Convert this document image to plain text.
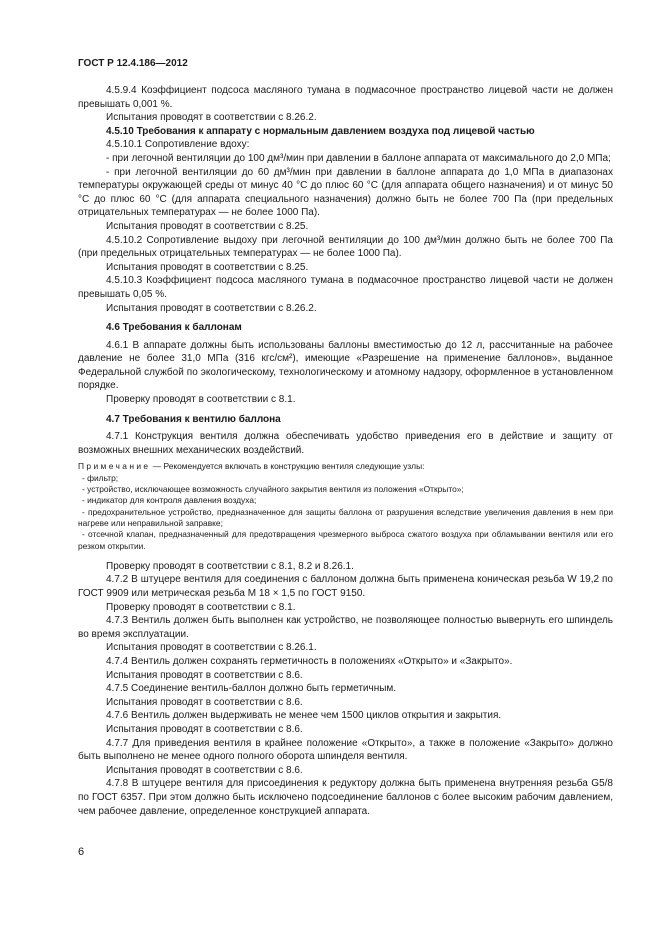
ГОСТ Р 12.4.186—2012

4.5.9.4 Коэффициент подсоса масляного тумана в подмасочное пространство лицевой части не должен превышать 0,001 %.

Испытания проводят в соответствии с 8.26.2.

4.5.10 Требования к аппарату с нормальным давлением воздуха под лицевой частью

4.5.10.1 Сопротивление вдоху:

- при легочной вентиляции до 100 дм³/мин при давлении в баллоне аппарата от максимального до 2,0 МПа;

- при легочной вентиляции до 60 дм³/мин при давлении в баллоне аппарата до 1,0 МПа в диапазонах температуры окружающей среды от минус 40 °С до плюс 60 °С (для аппарата общего назначения) и от минус 50 °С до плюс 60 °С (для аппарата специального назначения) должно быть не более 700 Па (при предельных отрицательных температурах — не более 1000 Па).

Испытания проводят в соответствии с 8.25.

4.5.10.2 Сопротивление выдоху при легочной вентиляции до 100 дм³/мин должно быть не более 700 Па (при предельных отрицательных температурах — не более 1000 Па).

Испытания проводят в соответствии с 8.25.

4.5.10.3 Коэффициент подсоса масляного тумана в подмасочное пространство лицевой части не должен превышать 0,05 %.

Испытания проводят в соответствии с 8.26.2.

4.6 Требования к баллонам

4.6.1 В аппарате должны быть использованы баллоны вместимостью до 12 л, рассчитанные на рабочее давление не более 31,0 МПа (316 кгс/см²), имеющие «Разрешение на применение баллонов», выданное Федеральной службой по экологическому, технологическому и атомному надзору, оформленное в установленном порядке.

Проверку проводят в соответствии с 8.1.

4.7 Требования к вентилю баллона

4.7.1 Конструкция вентиля должна обеспечивать удобство приведения его в действие и защиту от возможных внешних механических воздействий.

Примечание — Рекомендуется включать в конструкцию вентиля следующие узлы:

- фильтр;

- устройство, исключающее возможность случайного закрытия вентиля из положения «Открыто»;

- индикатор для контроля давления воздуха;

- предохранительное устройство, предназначенное для защиты баллона от разрушения вследствие увеличения давления в нем при нагреве или неправильной заправке;

- отсечной клапан, предназначенный для предотвращения чрезмерного выброса сжатого воздуха при обламывании вентиля или его резком открытии.

Проверку проводят в соответствии с 8.1, 8.2 и 8.26.1.

4.7.2 В штуцере вентиля для соединения с баллоном должна быть применена коническая резьба W 19,2 по ГОСТ 9909 или метрическая резьба М 18 × 1,5 по ГОСТ 9150.

Проверку проводят в соответствии с 8.1.

4.7.3 Вентиль должен быть выполнен как устройство, не позволяющее полностью вывернуть его шпиндель во время эксплуатации.

Испытания проводят в соответствии с 8.26.1.

4.7.4 Вентиль должен сохранять герметичность в положениях «Открыто» и «Закрыто».

Испытания проводят в соответствии с 8.6.

4.7.5 Соединение вентиль-баллон должно быть герметичным.

Испытания проводят в соответствии с 8.6.

4.7.6 Вентиль должен выдерживать не менее чем 1500 циклов открытия и закрытия.

Испытания проводят в соответствии с 8.6.

4.7.7 Для приведения вентиля в крайнее положение «Открыто», а также в положение «Закрыто» должно быть выполнено не менее одного полного оборота шпинделя вентиля.

Испытания проводят в соответствии с 8.6.

4.7.8 В штуцере вентиля для присоединения к редуктору должна быть применена внутренняя резьба G5/8 по ГОСТ 6357. При этом должно быть исключено подсоединение баллонов с более высоким рабочим давлением, чем рабочее давление, определенное конструкцией аппарата.

6
